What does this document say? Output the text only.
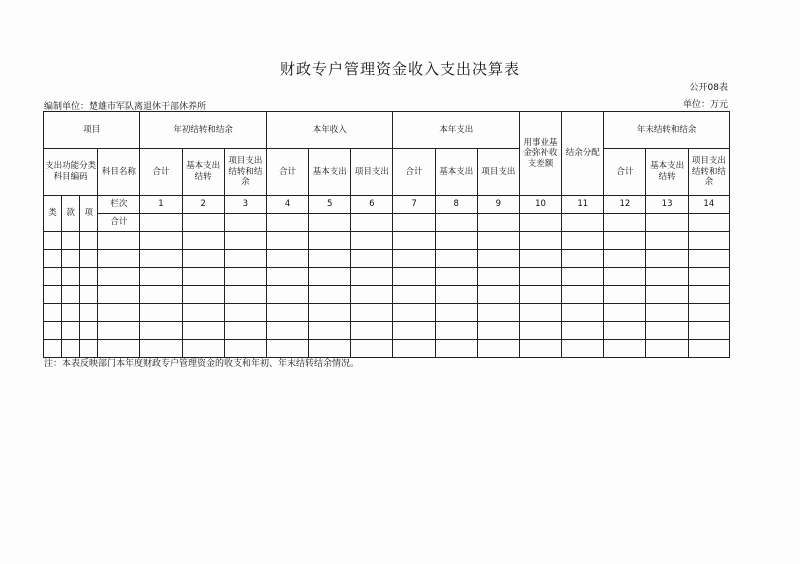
财政专户管理资金收入支出决算表
公开08表
编制单位：楚雄市军队离退休干部休养所	单位：万元
项目				年初结转和结余			本年收入			本年支出			用事业基金弥补收支差额	结余分配	年末结转和结余		
支出功能分类科目编码			科目名称	合计	基本支出结转	项目支出结转和结余	合计	基本支出	项目支出	合计	基本支出	项目支出			合计	基本支出结转	项目支出结转和结余
类	款	项	栏次	1	2	3	4	5	6	7	8	9	10	11	12	13	14
			合计														

注：本表反映部门本年度财政专户管理资金的收支和年初、年末结转结余情况。
